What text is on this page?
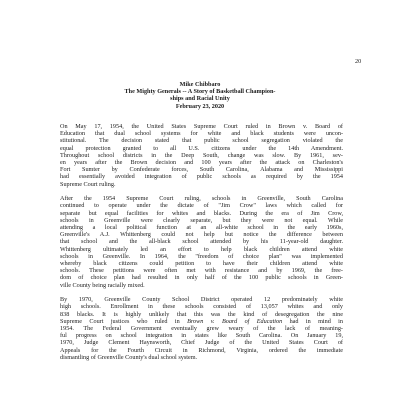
20
Mike Chibbaro
The Mighty Generals -- A Story of Basketball Champion-
ships and Racial Unity
February 23, 2020
On May 17, 1954, the United States Supreme Court ruled in Brown v. Board of
Education that dual school systems for white and black students were uncon-
stitutional. The decision stated that public school segregation violated the
equal protection granted to all U.S. citizens under the 14th Amendment.
Throughout school districts in the Deep South, change was slow. By 1961, sev-
en years after the Brown decision and 100 years after the attack on Charleston's
Fort Sumter by Confederate forces, South Carolina, Alabama and Mississippi
had essentially avoided integration of public schools as required by the 1954
Supreme Court ruling.
After the 1954 Supreme Court ruling, schools in Greenville, South Carolina
continued to operate under the dictate of "Jim Crow" laws which called for
separate but equal facilities for whites and blacks. During the era of Jim Crow,
schools in Greenville were clearly separate, but they were not equal. While
attending a local political function at an all-white school in the early 1960s,
Greenville's A.J. Whittenberg could not help but notice the difference between
that school and the all-black school attended by his 11-year-old daughter.
Whittenberg ultimately led an effort to help black children attend white
schools in Greenville. In 1964, the "freedom of choice plan" was implemented
whereby black citizens could petition to have their children attend white
schools. These petitions were often met with resistance and by 1969, the free-
dom of choice plan had resulted in only half of the 100 public schools in Green-
ville County being racially mixed.
By 1970, Greenville County School District operated 12 predominately white
high schools. Enrollment in these schools consisted of 13,057 whites and only
838 blacks. It is highly unlikely that this was the kind of desegregation the nine
Supreme Court justices who ruled in Brown v. Board of Education had in mind in
1954. The Federal Government eventually grew weary of the lack of meaning-
ful progress on school integration in states like South Carolina. On January 19,
1970, Judge Clement Haynsworth, Chief Judge of the United States Court of
Appeals for the Fourth Circuit in Richmond, Virginia, ordered the immediate
dismantling of Greenville County's dual school system.
